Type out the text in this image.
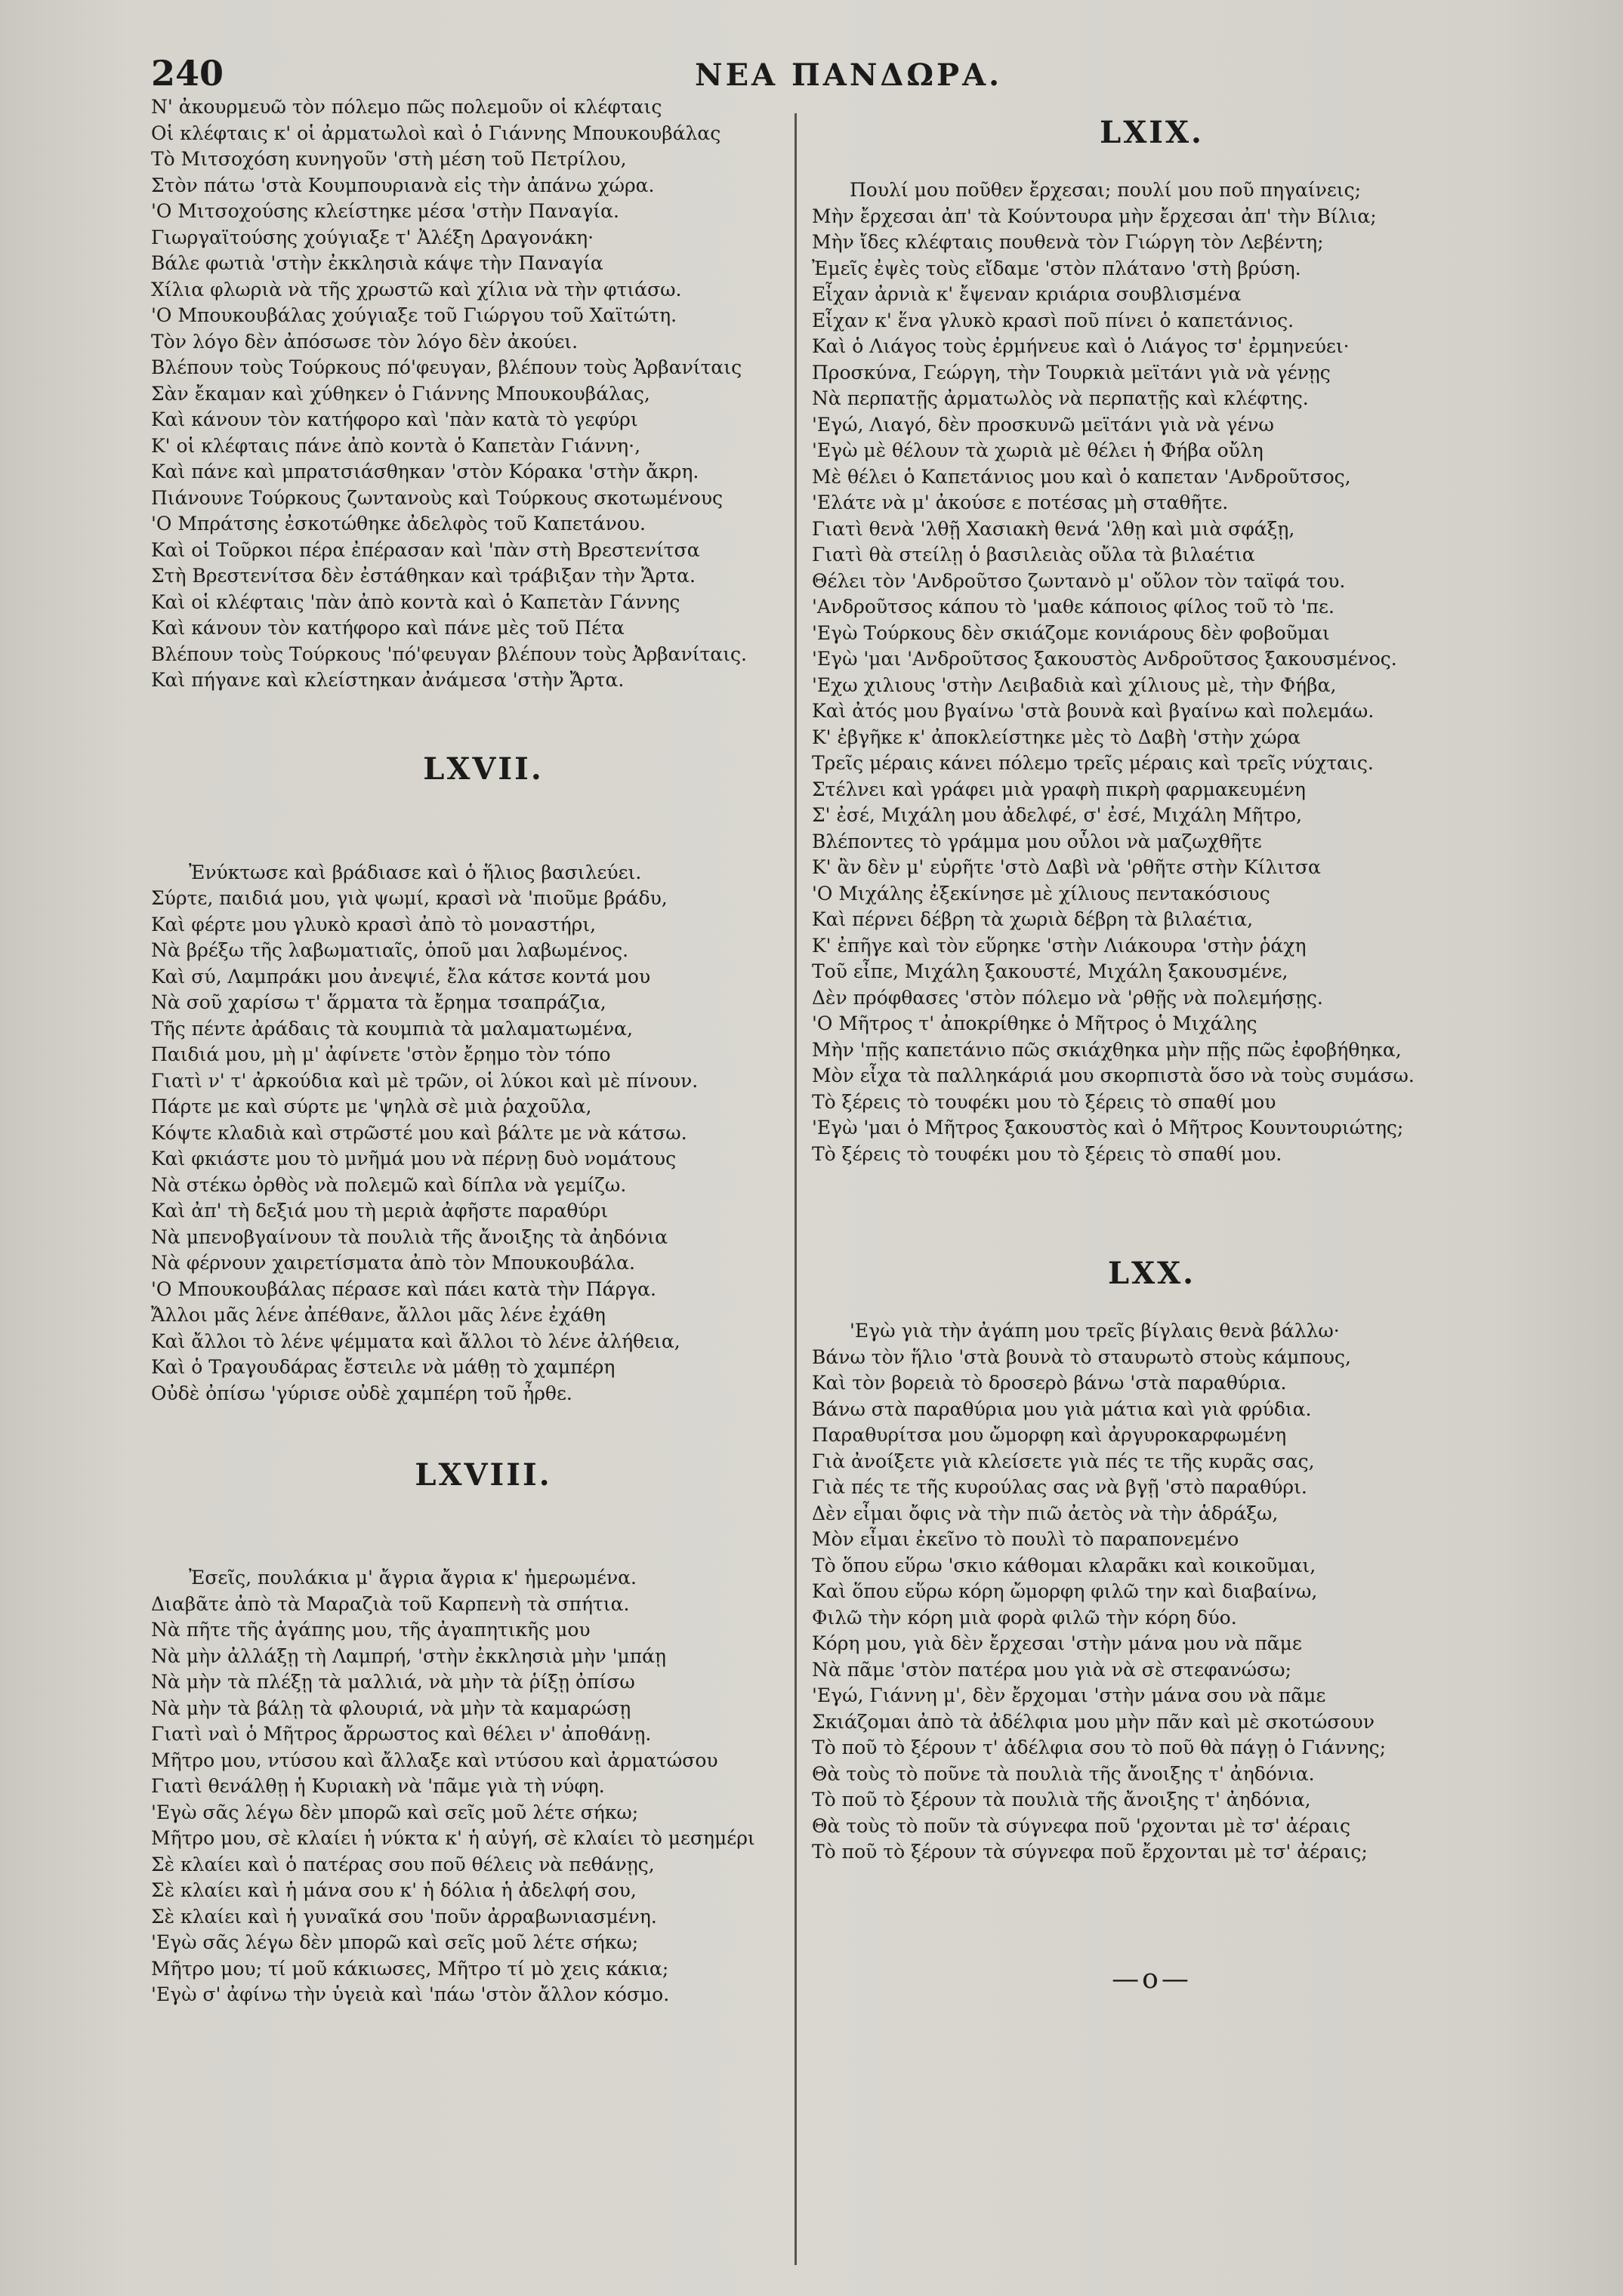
240	ΝΕΑ ΠΑΝΔΩΡΑ.
Ν' ἀκουρμευῶ τὸν πόλεμο πῶς πολεμοῦν οἱ κλέφταις
Οἱ κλέφταις κ' οἱ ἀρματωλοὶ καὶ ὁ Γιάννης Μπουκουβάλας
Τὸ Μιτσοχόση κυνηγοῦν 'στὴ μέση τοῦ Πετρίλου,
Στὸν πάτω 'στὰ Κουμπουριανὰ εἰς τὴν ἀπάνω χώρα.
'Ο Μιτσοχούσης κλείστηκε μέσα 'στὴν Παναγία.
Γιωργαϊτούσης χούγιαξε τ' Ἀλέξη Δραγονάκη·
Βάλε φωτιὰ 'στὴν ἐκκλησιὰ κάψε τὴν Παναγία
Χίλια φλωριὰ νὰ τῆς χρωστῶ καὶ χίλια νὰ τὴν φτιάσω.
'Ο Μπουκουβάλας χούγιαξε τοῦ Γιώργου τοῦ Χαϊτώτη.
Τὸν λόγο δὲν ἀπόσωσε τὸν λόγο δὲν ἀκούει.
Βλέπουν τοὺς Τούρκους πό'φευγαν, βλέπουν τοὺς Ἀρβανίταις
Σὰν ἔκαμαν καὶ χύθηκεν ὁ Γιάννης Μπουκουβάλας,
Καὶ κάνουν τὸν κατήφορο καὶ 'πὰν κατὰ τὸ γεφύρι
Κ' οἱ κλέφταις πάνε ἀπὸ κοντὰ ὁ Καπετὰν Γιάννη·,
Καὶ πάνε καὶ μπρατσιάσθηκαν 'στὸν Κόρακα 'στὴν ἄκρη.
Πιάνουνε Τούρκους ζωντανοὺς καὶ Τούρκους σκοτωμένους
'Ο Μπράτσης ἐσκοτώθηκε ἀδελφὸς τοῦ Καπετάνου.
Καὶ οἱ Τοῦρκοι πέρα ἐπέρασαν καὶ 'πὰν στὴ Βρεστενίτσα
Στὴ Βρεστενίτσα δὲν ἐστάθηκαν καὶ τράβιξαν τὴν Ἄρτα.
Καὶ οἱ κλέφταις 'πὰν ἀπὸ κοντὰ καὶ ὁ Καπετὰν Γάννης
Καὶ κάνουν τὸν κατήφορο καὶ πάνε μὲς τοῦ Πέτα
Βλέπουν τοὺς Τούρκους 'πό'φευγαν βλέπουν τοὺς Ἀρβανίταις.
Καὶ πήγανε καὶ κλείστηκαν ἀνάμεσα 'στὴν Ἄρτα.
LXVII.
Ἐνύκτωσε καὶ βράδιασε καὶ ὁ ἥλιος βασιλεύει.
Σύρτε, παιδιά μου, γιὰ ψωμί, κρασὶ νὰ 'πιοῦμε βράδυ,
Καὶ φέρτε μου γλυκὸ κρασὶ ἀπὸ τὸ μοναστήρι,
Νὰ βρέξω τῆς λαβωματιαῖς, ὁποῦ μαι λαβωμένος.
Καὶ σύ, Λαμπράκι μου ἀνεψιέ, ἔλα κάτσε κοντά μου
Νὰ σοῦ χαρίσω τ' ἅρματα τὰ ἔρημα τσαπράζια,
Τῆς πέντε ἀράδαις τὰ κουμπιὰ τὰ μαλαματωμένα,
Παιδιά μου, μὴ μ' ἀφίνετε 'στὸν ἔρημο τὸν τόπο
Γιατὶ ν' τ' ἀρκούδια καὶ μὲ τρῶν, οἱ λύκοι καὶ μὲ πίνουν.
Πάρτε με καὶ σύρτε με 'ψηλὰ σὲ μιὰ ῥαχοῦλα,
Κόψτε κλαδιὰ καὶ στρῶστέ μου καὶ βάλτε με νὰ κάτσω.
Καὶ φκιάστε μου τὸ μνῆμά μου νὰ πέρνῃ δυὸ νομάτους
Νὰ στέκω ὀρθὸς νὰ πολεμῶ καὶ δίπλα νὰ γεμίζω.
Καὶ ἀπ' τὴ δεξιά μου τὴ μεριὰ ἀφῆστε παραθύρι
Νὰ μπενοβγαίνουν τὰ πουλιὰ τῆς ἄνοιξης τὰ ἀηδόνια
Νὰ φέρνουν χαιρετίσματα ἀπὸ τὸν Μπουκουβάλα.
'Ο Μπουκουβάλας πέρασε καὶ πάει κατὰ τὴν Πάργα.
Ἄλλοι μᾶς λένε ἀπέθανε, ἄλλοι μᾶς λένε ἐχάθη
Καὶ ἄλλοι τὸ λένε ψέμματα καὶ ἄλλοι τὸ λένε ἀλήθεια,
Καὶ ὁ Τραγουδάρας ἔστειλε νὰ μάθῃ τὸ χαμπέρη
Οὐδὲ ὀπίσω 'γύρισε οὐδὲ χαμπέρη τοῦ ἦρθε.
LXVIII.
Ἐσεῖς, πουλάκια μ' ἄγρια ἄγρια κ' ἡμερωμένα.
Διαβᾶτε ἀπὸ τὰ Μαραζιὰ τοῦ Καρπενὴ τὰ σπήτια.
Νὰ πῆτε τῆς ἀγάπης μου, τῆς ἀγαπητικῆς μου
Νὰ μὴν ἀλλάξῃ τὴ Λαμπρή, 'στὴν ἐκκλησιὰ μὴν 'μπάῃ
Νὰ μὴν τὰ πλέξῃ τὰ μαλλιά, νὰ μὴν τὰ ῥίξῃ ὀπίσω
Νὰ μὴν τὰ βάλῃ τὰ φλουριά, νὰ μὴν τὰ καμαρώσῃ
Γιατὶ ναὶ ὁ Μῆτρος ἄρρωστος καὶ θέλει ν' ἀποθάνῃ.
Μῆτρο μου, ντύσου καὶ ἄλλαξε καὶ ντύσου καὶ ἀρματώσου
Γιατὶ θενάλθῃ ἡ Κυριακὴ νὰ 'πᾶμε γιὰ τὴ νύφη.
'Εγὼ σᾶς λέγω δὲν μπορῶ καὶ σεῖς μοῦ λέτε σήκω;
Μῆτρο μου, σὲ κλαίει ἡ νύκτα κ' ἡ αὐγή, σὲ κλαίει τὸ μεσημέρι
Σὲ κλαίει καὶ ὁ πατέρας σου ποῦ θέλεις νὰ πεθάνῃς,
Σὲ κλαίει καὶ ἡ μάνα σου κ' ἡ δόλια ἡ ἀδελφή σου,
Σὲ κλαίει καὶ ἡ γυναῖκά σου 'ποῦν ἀρραβωνιασμένη.
'Εγὼ σᾶς λέγω δὲν μπορῶ καὶ σεῖς μοῦ λέτε σήκω;
Μῆτρο μου; τί μοῦ κάκιωσες, Μῆτρο τί μὸ χεις κάκια;
'Εγὼ σ' ἀφίνω τὴν ὑγειὰ καὶ 'πάω 'στὸν ἄλλον κόσμο.
LXIX.
Πουλί μου ποῦθεν ἔρχεσαι; πουλί μου ποῦ πηγαίνεις;
Μὴν ἔρχεσαι ἀπ' τὰ Κούντουρα μὴν ἔρχεσαι ἀπ' τὴν Βίλια;
Μὴν ἴδες κλέφταις πουθενὰ τὸν Γιώργη τὸν Λεβέντη;
Ἐμεῖς ἐψὲς τοὺς εἴδαμε 'στὸν πλάτανο 'στὴ βρύση.
Εἶχαν ἀρνιὰ κ' ἔψεναν κριάρια σουβλισμένα
Εἶχαν κ' ἕνα γλυκὸ κρασὶ ποῦ πίνει ὁ καπετάνιος.
Καὶ ὁ Λιάγος τοὺς ἐρμήνευε καὶ ὁ Λιάγος τσ' ἐρμηνεύει·
Προσκύνα, Γεώργη, τὴν Τουρκιὰ μεϊτάνι γιὰ νὰ γένῃς
Νὰ περπατῇς ἀρματωλὸς νὰ περπατῇς καὶ κλέφτης.
'Εγώ, Λιαγό, δὲν προσκυνῶ μεϊτάνι γιὰ νὰ γένω
'Εγὼ μὲ θέλουν τὰ χωριὰ μὲ θέλει ἡ Φήβα οὔλη
Μὲ θέλει ὁ Καπετάνιος μου καὶ ὁ καπεταν 'Ανδροῦτσος,
'Ελάτε νὰ μ' ἀκούσε ε ποτέσας μὴ σταθῆτε.
Γιατὶ θενὰ 'λθῇ Χασιακὴ θενά 'λθῃ καὶ μιὰ σφάξῃ,
Γιατὶ θὰ στείλῃ ὁ βασιλειὰς οὔλα τὰ βιλαέτια
Θέλει τὸν 'Ανδροῦτσο ζωντανὸ μ' οὔλον τὸν ταϊφά του.
'Ανδροῦτσος κάπου τὸ 'μαθε κάποιος φίλος τοῦ τὸ 'πε.
'Εγὼ Τούρκους δὲν σκιάζομε κονιάρους δὲν φοβοῦμαι
'Εγὼ 'μαι 'Ανδροῦτσος ξακουστὸς Ανδροῦτσος ξακουσμένος.
'Εχω χιλιους 'στὴν Λειβαδιὰ καὶ χίλιους μὲ, τὴν Φήβα,
Καὶ ἀτός μου βγαίνω 'στὰ βουνὰ καὶ βγαίνω καὶ πολεμάω.
Κ' ἐβγῆκε κ' ἀποκλείστηκε μὲς τὸ Δαβὴ 'στὴν χώρα
Τρεῖς μέραις κάνει πόλεμο τρεῖς μέραις καὶ τρεῖς νύχταις.
Στέλνει καὶ γράφει μιὰ γραφὴ πικρὴ φαρμακευμένη
Σ' ἐσέ, Μιχάλη μου ἀδελφέ, σ' ἐσέ, Μιχάλη Μῆτρο,
Βλέποντες τὸ γράμμα μου οὖλοι νὰ μαζωχθῆτε
Κ' ἂν δὲν μ' εὑρῆτε 'στὸ Δαβὶ νὰ 'ρθῆτε στὴν Κίλιτσα
'Ο Μιχάλης ἐξεκίνησε μὲ χίλιους πεντακόσιους
Καὶ πέρνει δέβρη τὰ χωριὰ δέβρη τὰ βιλαέτια,
Κ' ἐπῆγε καὶ τὸν εὕρηκε 'στὴν Λιάκουρα 'στὴν ῥάχη
Τοῦ εἶπε, Μιχάλη ξακουστέ, Μιχάλη ξακουσμένε,
Δὲν πρόφθασες 'στὸν πόλεμο νὰ 'ρθῇς νὰ πολεμήσῃς.
'Ο Μῆτρος τ' ἀποκρίθηκε ὁ Μῆτρος ὁ Μιχάλης
Μὴν 'πῇς καπετάνιο πῶς σκιάχθηκα μὴν πῇς πῶς ἐφοβήθηκα,
Μὸν εἶχα τὰ παλληκάριά μου σκορπιστὰ ὅσο νὰ τοὺς συμάσω.
Τὸ ξέρεις τὸ τουφέκι μου τὸ ξέρεις τὸ σπαθί μου
'Εγὼ 'μαι ὁ Μῆτρος ξακουστὸς καὶ ὁ Μῆτρος Κουντουριώτης;
Τὸ ξέρεις τὸ τουφέκι μου τὸ ξέρεις τὸ σπαθί μου.
LXX.
'Εγὼ γιὰ τὴν ἀγάπη μου τρεῖς βίγλαις θενὰ βάλλω·
Βάνω τὸν ἥλιο 'στὰ βουνὰ τὸ σταυρωτὸ στοὺς κάμπους,
Καὶ τὸν βορειὰ τὸ δροσερὸ βάνω 'στὰ παραθύρια.
Βάνω στὰ παραθύρια μου γιὰ μάτια καὶ γιὰ φρύδια.
Παραθυρίτσα μου ὤμορφη καὶ ἀργυροκαρφωμένη
Γιὰ ἀνοίξετε γιὰ κλείσετε γιὰ πές τε τῆς κυρᾶς σας,
Γιὰ πές τε τῆς κυρούλας σας νὰ βγῇ 'στὸ παραθύρι.
Δὲν εἶμαι ὄφις νὰ τὴν πιῶ ἀετὸς νὰ τὴν ἁδράξω,
Μὸν εἶμαι ἐκεῖνο τὸ πουλὶ τὸ παραπονεμένο
Τὸ ὅπου εὕρω 'σκιο κάθομαι κλαρᾶκι καὶ κοικοῦμαι,
Καὶ ὅπου εὕρω κόρη ὤμορφη φιλῶ την καὶ διαβαίνω,
Φιλῶ τὴν κόρη μιὰ φορὰ φιλῶ τὴν κόρη δύο.
Κόρη μου, γιὰ δὲν ἔρχεσαι 'στὴν μάνα μου νὰ πᾶμε
Νὰ πᾶμε 'στὸν πατέρα μου γιὰ νὰ σὲ στεφανώσω;
'Εγώ, Γιάννη μ', δὲν ἔρχομαι 'στὴν μάνα σου νὰ πᾶμε
Σκιάζομαι ἀπὸ τὰ ἀδέλφια μου μὴν πᾶν καὶ μὲ σκοτώσουν
Τὸ ποῦ τὸ ξέρουν τ' ἀδέλφια σου τὸ ποῦ θὰ πάγῃ ὁ Γιάννης;
Θὰ τοὺς τὸ ποῦνε τὰ πουλιὰ τῆς ἄνοιξης τ' ἀηδόνια.
Τὸ ποῦ τὸ ξέρουν τὰ πουλιὰ τῆς ἄνοιξης τ' ἀηδόνια,
Θὰ τοὺς τὸ ποῦν τὰ σύγνεφα ποῦ 'ρχονται μὲ τσ' ἀέραις
Τὸ ποῦ τὸ ξέρουν τὰ σύγνεφα ποῦ ἔρχονται μὲ τσ' ἀέραις;
—o—
